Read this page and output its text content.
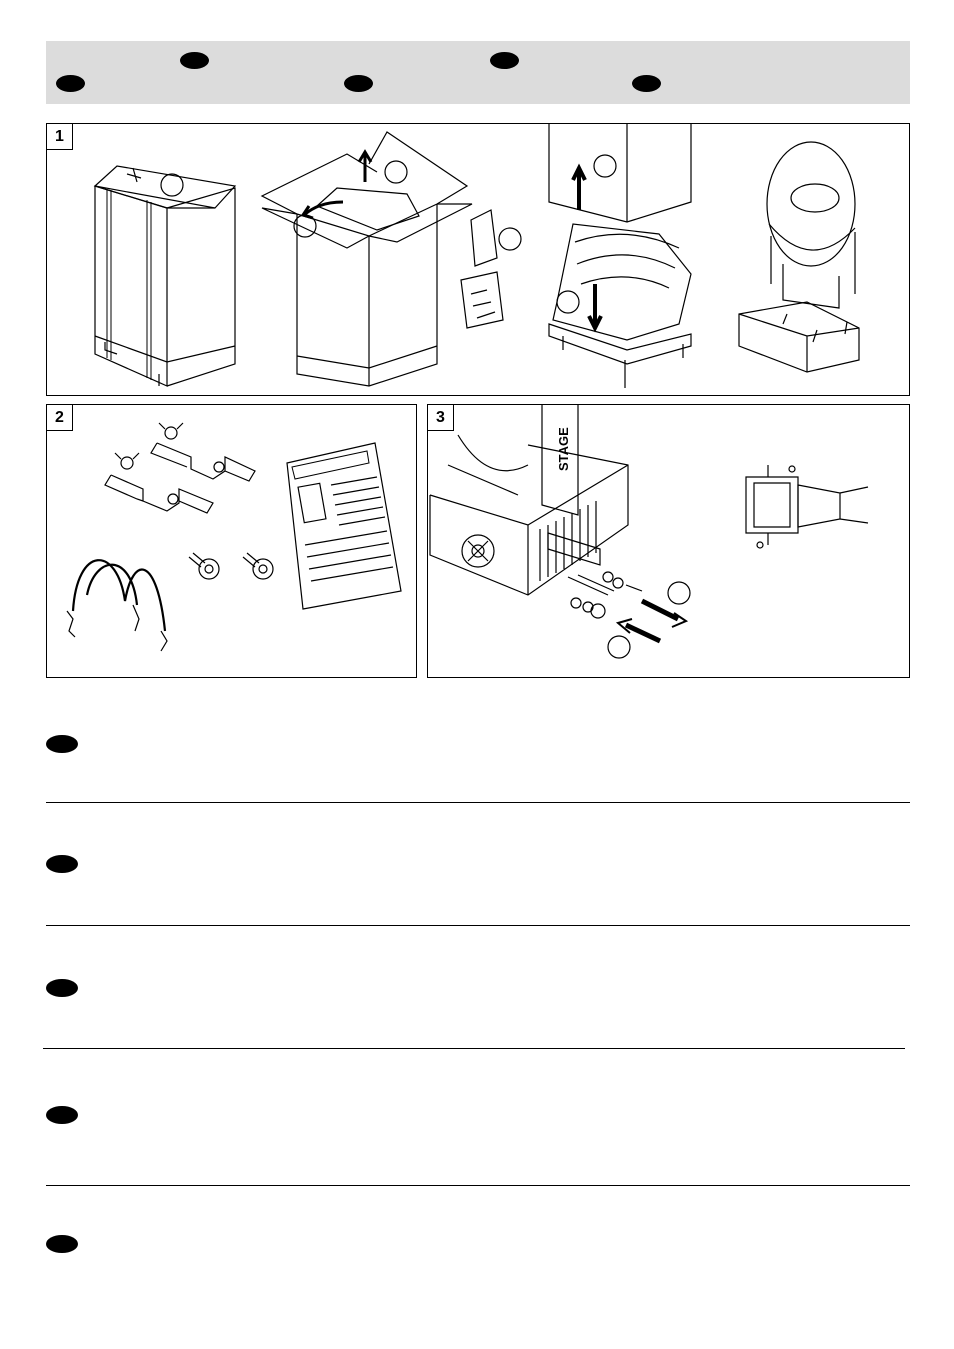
1
2	3
STAGE
